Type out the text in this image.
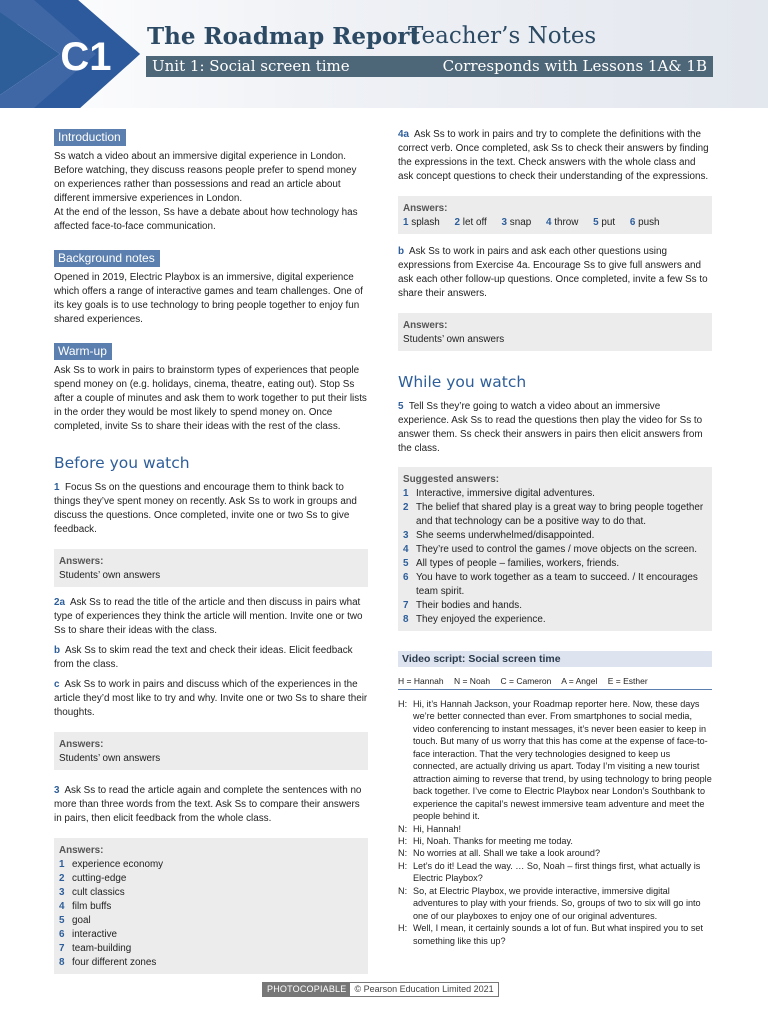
C1 The Roadmap Report
Teacher’s Notes
Unit 1: Social screen time	Corresponds with Lessons 1A& 1B
Introduction

Ss watch a video about an immersive digital experience in London. Before watching, they discuss reasons people prefer to spend money on experiences rather than possessions and read an article about different immersive experiences in London.

At the end of the lesson, Ss have a debate about how technology has affected face-to-face communication.

Background notes

Opened in 2019, Electric Playbox is an immersive, digital experience which offers a range of interactive games and team challenges. One of its key goals is to use technology to bring people together to enjoy fun shared experiences.

Warm-up

Ask Ss to work in pairs to brainstorm types of experiences that people spend money on (e.g. holidays, cinema, theatre, eating out). Stop Ss after a couple of minutes and ask them to work together to put their lists in the order they would be most likely to spend money on. Once completed, invite Ss to share their ideas with the rest of the class.

Before you watch

1 Focus Ss on the questions and encourage them to think back to things they’ve spent money on recently. Ask Ss to work in groups and discuss the questions. Once completed, invite one or two Ss to give feedback.

Answers:

Students’ own answers

2a Ask Ss to read the title of the article and then discuss in pairs what type of experiences they think the article will mention. Invite one or two Ss to share their ideas with the class.

b Ask Ss to skim read the text and check their ideas. Elicit feedback from the class.

c Ask Ss to work in pairs and discuss which of the experiences in the article they’d most like to try and why. Invite one or two Ss to share their thoughts.

Answers:

Students’ own answers

3 Ask Ss to read the article again and complete the sentences with no more than three words from the text. Ask Ss to compare their answers in pairs, then elicit feedback from the whole class.

Answers:
1 experience economy
2 cutting-edge
3 cult classics
4 film buffs
5 goal
6 interactive
7 team-building
8 four different zones

4a Ask Ss to work in pairs and try to complete the definitions with the correct verb. Once completed, ask Ss to check their answers by finding the expressions in the text. Check answers with the whole class and ask concept questions to check their understanding of the expressions.

Answers:

1 splash 2 let off 3 snap 4 throw 5 put 6 push

b Ask Ss to work in pairs and ask each other questions using expressions from Exercise 4a. Encourage Ss to give full answers and ask each other follow-up questions. Once completed, invite a few Ss to share their answers.

Answers:

Students’ own answers

While you watch

5 Tell Ss they’re going to watch a video about an immersive experience. Ask Ss to read the questions then play the video for Ss to answer them. Ss check their answers in pairs then elicit answers from the class.

Suggested answers:
1 Interactive, immersive digital adventures.
2 The belief that shared play is a great way to bring people together and that technology can be a positive way to do that.
3 She seems underwhelmed/disappointed.
4 They’re used to control the games / move objects on the screen.
5 All types of people – families, workers, friends.
6 You have to work together as a team to succeed. / It encourages team spirit.
7 Their bodies and hands.
8 They enjoyed the experience.
Video script: Social screen time
H = Hannah N = Noah C = Cameron A = Angel E = Esther
H: Hi, it’s Hannah Jackson, your Roadmap reporter here. Now, these days we’re better connected than ever. From smartphones to social media, video conferencing to instant messages, it’s never been easier to keep in touch. But many of us worry that this has come at the expense of face-to-face interaction. That the very technologies designed to keep us connected, are actually driving us apart. Today I’m visiting a new tourist attraction aiming to reverse that trend, by using technology to bring people back together. I’ve come to Electric Playbox near London’s Southbank to experience the capital’s newest immersive team adventure and meet the people behind it.
N: Hi, Hannah!
H: Hi, Noah. Thanks for meeting me today.
N: No worries at all. Shall we take a look around?
H: Let’s do it! Lead the way. … So, Noah – first things first, what actually is Electric Playbox?
N: So, at Electric Playbox, we provide interactive, immersive digital adventures to play with your friends. So, groups of two to six will go into one of our playboxes to enjoy one of our original adventures.
H: Well, I mean, it certainly sounds a lot of fun. But what inspired you to set something like this up?
PHOTOCOPIABLE © Pearson Education Limited 2021
